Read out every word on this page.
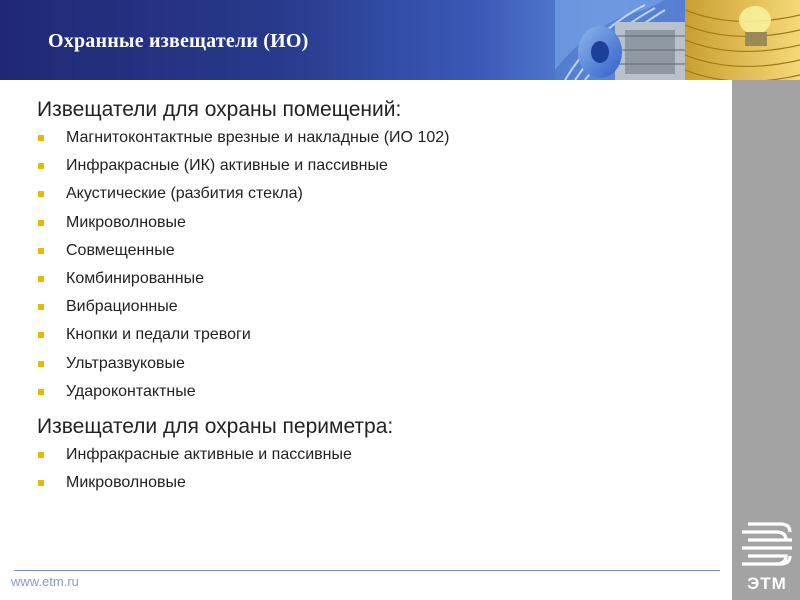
Охранные извещатели (ИО)
Извещатели для охраны помещений:
Магнитоконтактные врезные и накладные (ИО 102)
Инфракрасные (ИК) активные и пассивные
Акустические (разбития стекла)
Микроволновые
Совмещенные
Комбинированные
Вибрационные
Кнопки и педали тревоги
Ультразвуковые
Удароконтактные
Извещатели для охраны периметра:
Инфракрасные активные и пассивные
Микроволновые
www.etm.ru	ЭТМ
